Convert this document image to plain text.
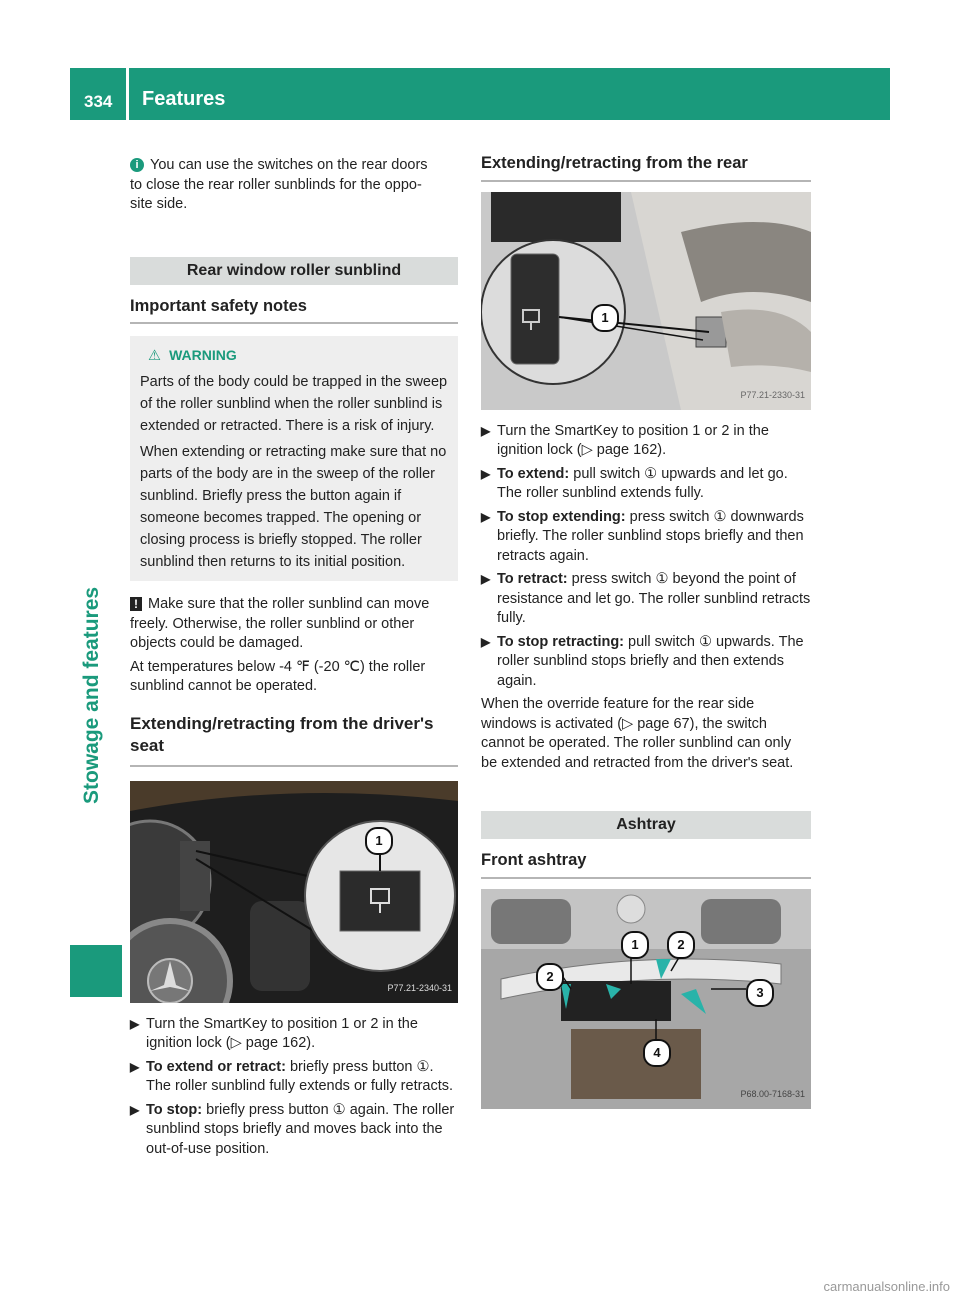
334 Features
Stowage and features

i You can use the switches on the rear doors
to close the rear roller sunblinds for the oppo-
site side.

Rear window roller sunblind
Important safety notes
⚠ WARNING

Parts of the body could be trapped in the sweep of the roller sunblind when the roller sunblind is extended or retracted. There is a risk of injury.

When extending or retracting make sure that no parts of the body are in the sweep of the roller sunblind. Briefly press the button again if someone becomes trapped. The opening or closing process is briefly stopped. The roller sunblind then returns to its initial position.

! Make sure that the roller sunblind can move freely. Otherwise, the roller sunblind or other objects could be damaged.

At temperatures below -4 ℉ (-20 ℃) the roller sunblind cannot be operated.

Extending/retracting from the driver's seat
1
P77.21-2340-31
▶ Turn the SmartKey to position 1 or 2 in the ignition lock (▷ page 162).
▶ To extend or retract: briefly press button ①. The roller sunblind fully extends or fully retracts.
▶ To stop: briefly press button ① again. The roller sunblind stops briefly and moves back into the out-of-use position.
Extending/retracting from the rear
1
P77.21-2330-31
▶ Turn the SmartKey to position 1 or 2 in the ignition lock (▷ page 162).
▶ To extend: pull switch ① upwards and let go. The roller sunblind extends fully.
▶ To stop extending: press switch ① downwards briefly. The roller sunblind stops briefly and then retracts again.
▶ To retract: press switch ① beyond the point of resistance and let go. The roller sunblind retracts fully.
▶ To stop retracting: pull switch ① upwards. The roller sunblind stops briefly and then extends again.

When the override feature for the rear side windows is activated (▷ page 67), the switch cannot be operated. The roller sunblind can only be extended and retracted from the driver's seat.

Ashtray
Front ashtray
1	2
2
3
4
P68.00-7168-31
carmanualsonline.info
